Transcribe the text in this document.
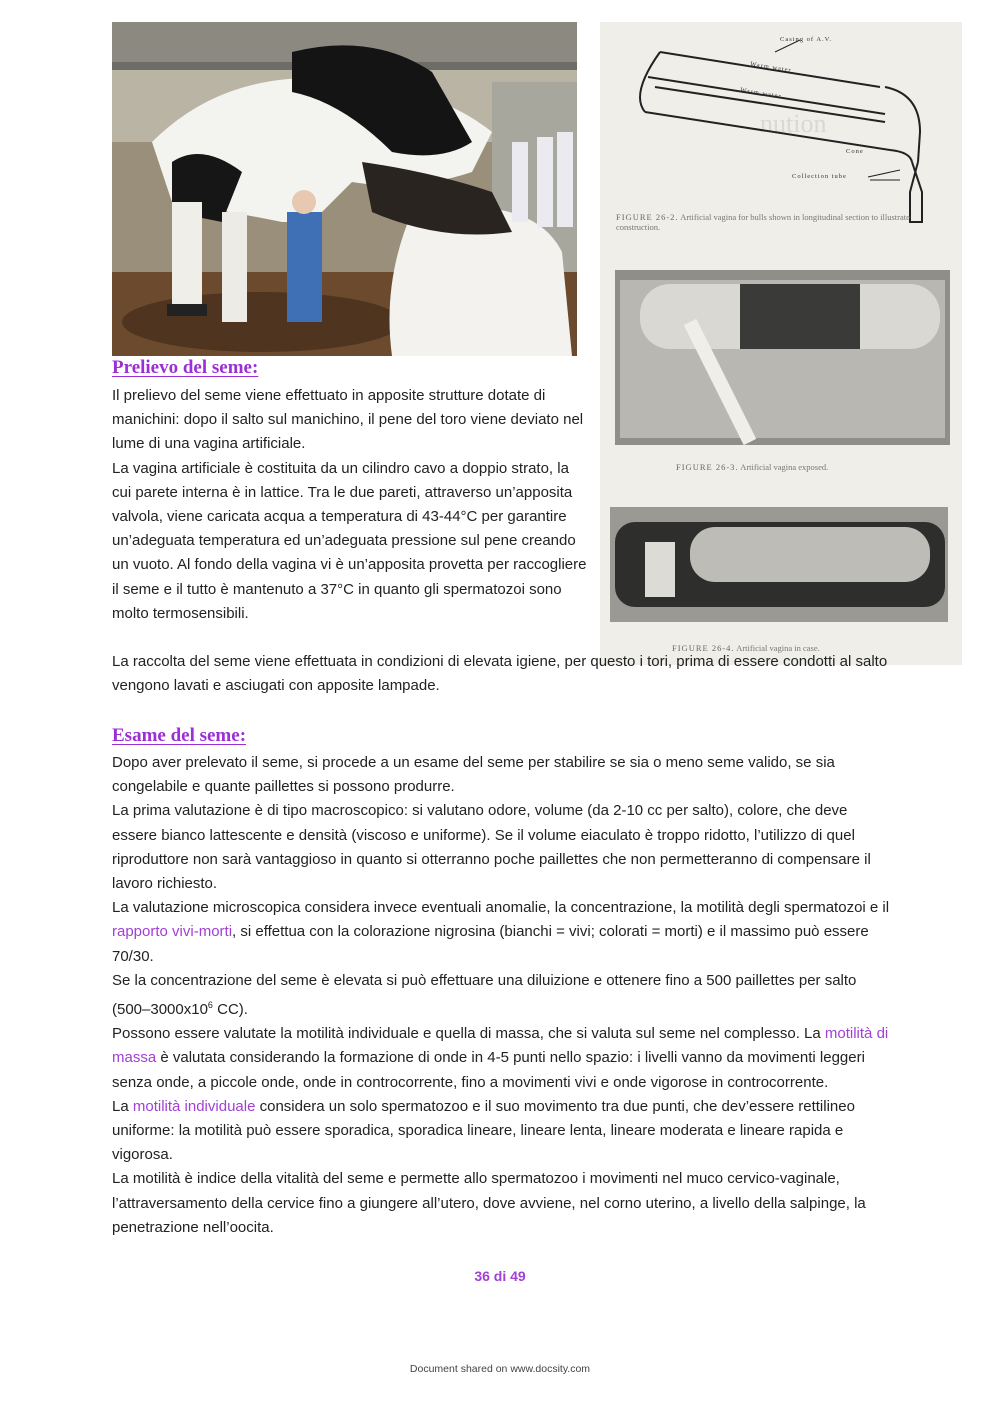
nution
Casing of A.V.
Warm water
Warm water
Cone
Collection tube
FIGURE 26-2. Artificial vagina for bulls shown in longitudinal section to illustrate construction.
FIGURE 26-3. Artificial vagina exposed.
FIGURE 26-4. Artificial vagina in case.
Prelievo del seme:

Il prelievo del seme viene effettuato in apposite strutture dotate di manichini: dopo il salto sul manichino, il pene del toro viene deviato nel lume di una vagina artificiale.

La vagina artificiale è costituita da un cilindro cavo a doppio strato, la cui parete interna è in lattice. Tra le due pareti, attraverso un’apposita valvola, viene caricata acqua a temperatura di 43-44°C per garantire un’adeguata temperatura ed un’adeguata pressione sul pene creando un vuoto. Al fondo della vagina vi è un’apposita provetta per raccogliere il seme e il tutto è mantenuto a 37°C in quanto gli spermatozoi sono molto termosensibili.

La raccolta del seme viene effettuata in condizioni di elevata igiene, per questo i tori, prima di essere condotti al salto vengono lavati e asciugati con apposite lampade.

Esame del seme:

Dopo aver prelevato il seme, si procede a un esame del seme per stabilire se sia o meno seme valido, se sia congelabile e quante paillettes si possono produrre.

La prima valutazione è di tipo macroscopico: si valutano odore, volume (da 2-10 cc per salto), colore, che deve essere bianco lattescente e densità (viscoso e uniforme). Se il volume eiaculato è troppo ridotto, l’utilizzo di quel riproduttore non sarà vantaggioso in quanto si otterranno poche paillettes che non permetteranno di compensare il lavoro richiesto.

La valutazione microscopica considera invece eventuali anomalie, la concentrazione, la motilità degli spermatozoi e il rapporto vivi-morti, si effettua con la colorazione nigrosina (bianchi = vivi; colorati = morti) e il massimo può essere 70/30.

Se la concentrazione del seme è elevata si può effettuare una diluizione e ottenere fino a 500 paillettes per salto ($500-3000x10^6$ CC).

Possono essere valutate la motilità individuale e quella di massa, che si valuta sul seme nel complesso. La motilità di massa è valutata considerando la formazione di onde in 4-5 punti nello spazio: i livelli vanno da movimenti leggeri senza onde, a piccole onde, onde in controcorrente, fino a movimenti vivi e onde vigorose in controcorrente.

La motilità individuale considera un solo spermatozoo e il suo movimento tra due punti, che dev’essere rettilineo uniforme: la motilità può essere sporadica, sporadica lineare, lineare lenta, lineare moderata e lineare rapida e vigorosa.

La motilità è indice della vitalità del seme e permette allo spermatozoo i movimenti nel muco cervico-vaginale, l’attraversamento della cervice fino a giungere all’utero, dove avviene, nel corno uterino, a livello della salpinge, la penetrazione nell’oocita.

36 di 49
Document shared on www.docsity.com
